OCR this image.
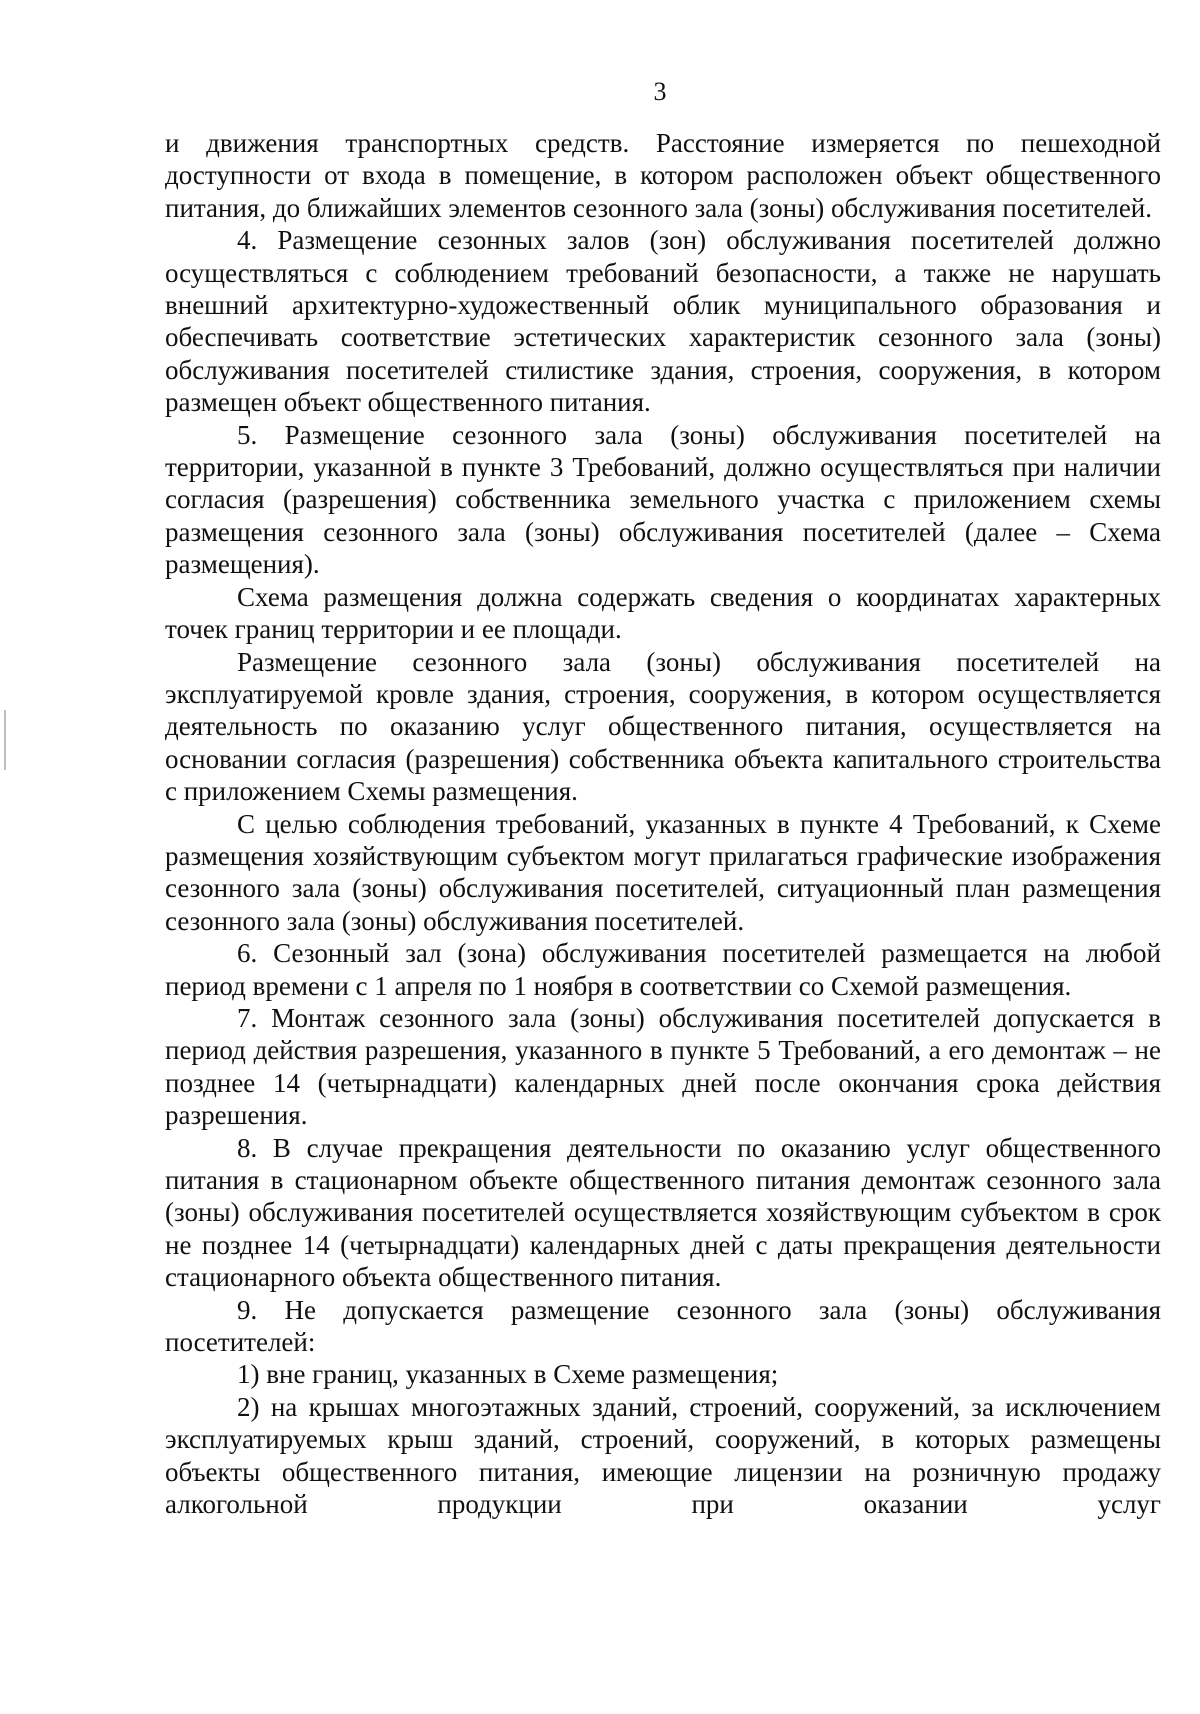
3

и движения транспортных средств. Расстояние измеряется по пешеходной доступности от входа в помещение, в котором расположен объект общественного питания, до ближайших элементов сезонного зала (зоны) обслуживания посетителей.

4. Размещение сезонных залов (зон) обслуживания посетителей должно осуществляться с соблюдением требований безопасности, а также не нарушать внешний архитектурно-художественный облик муниципального образования и обеспечивать соответствие эстетических характеристик сезонного зала (зоны) обслуживания посетителей стилистике здания, строения, сооружения, в котором размещен объект общественного питания.

5. Размещение сезонного зала (зоны) обслуживания посетителей на территории, указанной в пункте 3 Требований, должно осуществляться при наличии согласия (разрешения) собственника земельного участка с приложением схемы размещения сезонного зала (зоны) обслуживания посетителей (далее – Схема размещения).

Схема размещения должна содержать сведения о координатах характерных точек границ территории и ее площади.

Размещение сезонного зала (зоны) обслуживания посетителей на эксплуатируемой кровле здания, строения, сооружения, в котором осуществляется деятельность по оказанию услуг общественного питания, осуществляется на основании согласия (разрешения) собственника объекта капитального строительства с приложением Схемы размещения.

С целью соблюдения требований, указанных в пункте 4 Требований, к Схеме размещения хозяйствующим субъектом могут прилагаться графические изображения сезонного зала (зоны) обслуживания посетителей, ситуационный план размещения сезонного зала (зоны) обслуживания посетителей.

6. Сезонный зал (зона) обслуживания посетителей размещается на любой период времени с 1 апреля по 1 ноября в соответствии со Схемой размещения.

7. Монтаж сезонного зала (зоны) обслуживания посетителей допускается в период действия разрешения, указанного в пункте 5 Требований, а его демонтаж – не позднее 14 (четырнадцати) календарных дней после окончания срока действия разрешения.

8. В случае прекращения деятельности по оказанию услуг общественного питания в стационарном объекте общественного питания демонтаж сезонного зала (зоны) обслуживания посетителей осуществляется хозяйствующим субъектом в срок не позднее 14 (четырнадцати) календарных дней с даты прекращения деятельности стационарного объекта общественного питания.

9. Не допускается размещение сезонного зала (зоны) обслуживания посетителей:

1) вне границ, указанных в Схеме размещения;

2) на крышах многоэтажных зданий, строений, сооружений, за исключением эксплуатируемых крыш зданий, строений, сооружений, в которых размещены объекты общественного питания, имеющие лицензии на розничную продажу алкогольной продукции при оказании услуг
